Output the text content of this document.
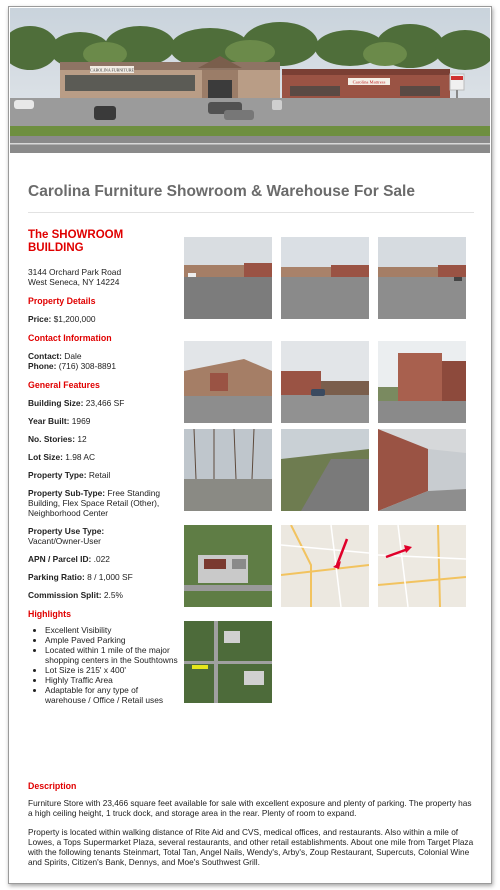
CAROLINA FURNITURE
Carolina Mattress
Carolina Furniture Showroom & Warehouse For Sale
The SHOWROOM BUILDING
3144 Orchard Park Road
West Seneca, NY 14224
Property Details
Price: $1,200,000
Contact Information
Contact: Dale
Phone: (716) 308-8891
General Features
Building Size: 23,466 SF
Year Built: 1969
No. Stories: 12
Lot Size: 1.98 AC
Property Type: Retail
Property Sub-Type: Free Standing Building, Flex Space Retail (Other), Neighborhood Center
Property Use Type:
Vacant/Owner-User
APN / Parcel ID: .022
Parking Ratio: 8 / 1,000 SF
Commission Split: 2.5%
Highlights
• Excellent Visibility
• Ample Paved Parking
• Located within 1 mile of the major shopping centers in the Southtowns
• Lot Size is 215' x 400'
• Highly Traffic Area
• Adaptable for any type of warehouse / Office / Retail uses
Description

Furniture Store with 23,466 square feet available for sale with excellent exposure and plenty of parking. The property has a high ceiling height, 1 truck dock, and storage area in the rear. Plenty of room to expand.

Property is located within walking distance of Rite Aid and CVS, medical offices, and restaurants. Also within a mile of Lowes, a Tops Supermarket Plaza, several restaurants, and other retail establishments. About one mile from Target Plaza with the following tenants Steinmart, Total Tan, Angel Nails, Wendy's, Arby's, Zoup Restaurant, Supercuts, Colonial Wine and Spirits, Citizen's Bank, Dennys, and Moe's Southwest Grill.
